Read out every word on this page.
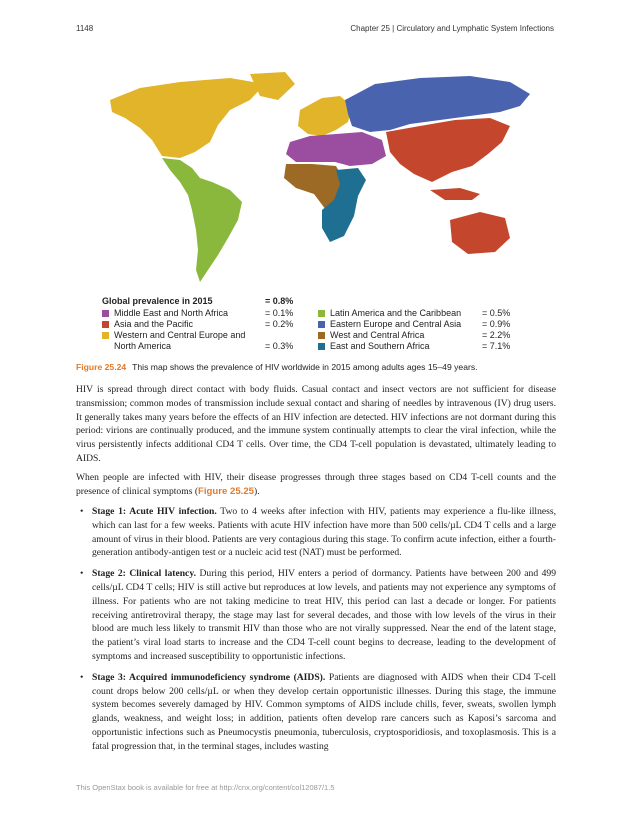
1148	Chapter 25 | Circulatory and Lymphatic System Infections
Global prevalence in 2015	= 0.8%
Middle East and North Africa	= 0.1%
Asia and the Pacific	= 0.2%
Western and Central Europe and
North America	= 0.3%
Latin America and the Caribbean = 0.5%
Eastern Europe and Central Asia = 0.9%
West and Central Africa	= 2.2%
East and Southern Africa	= 7.1%
Figure 25.24 This map shows the prevalence of HIV worldwide in 2015 among adults ages 15–49 years.

HIV is spread through direct contact with body fluids. Casual contact and insect vectors are not sufficient for disease transmission; common modes of transmission include sexual contact and sharing of needles by intravenous (IV) drug users. It generally takes many years before the effects of an HIV infection are detected. HIV infections are not dormant during this period: virions are continually produced, and the immune system continually attempts to clear the viral infection, while the virus persistently infects additional CD4 T cells. Over time, the CD4 T-cell population is devastated, ultimately leading to AIDS.

When people are infected with HIV, their disease progresses through three stages based on CD4 T-cell counts and the presence of clinical symptoms (Figure 25.25).

• Stage 1: Acute HIV infection. Two to 4 weeks after infection with HIV, patients may experience a flu-like illness, which can last for a few weeks. Patients with acute HIV infection have more than 500 cells/µL CD4 T cells and a large amount of virus in their blood. Patients are very contagious during this stage. To confirm acute infection, either a fourth-generation antibody-antigen test or a nucleic acid test (NAT) must be performed.
• Stage 2: Clinical latency. During this period, HIV enters a period of dormancy. Patients have between 200 and 499 cells/µL CD4 T cells; HIV is still active but reproduces at low levels, and patients may not experience any symptoms of illness. For patients who are not taking medicine to treat HIV, this period can last a decade or longer. For patients receiving antiretroviral therapy, the stage may last for several decades, and those with low levels of the virus in their blood are much less likely to transmit HIV than those who are not virally suppressed. Near the end of the latent stage, the patient’s viral load starts to increase and the CD4 T-cell count begins to decrease, leading to the development of symptoms and increased susceptibility to opportunistic infections.
• Stage 3: Acquired immunodeficiency syndrome (AIDS). Patients are diagnosed with AIDS when their CD4 T-cell count drops below 200 cells/µL or when they develop certain opportunistic illnesses. During this stage, the immune system becomes severely damaged by HIV. Common symptoms of AIDS include chills, fever, sweats, swollen lymph glands, weakness, and weight loss; in addition, patients often develop rare cancers such as Kaposi’s sarcoma and opportunistic infections such as Pneumocystis pneumonia, tuberculosis, cryptosporidiosis, and toxoplasmosis. This is a fatal progression that, in the terminal stages, includes wasting
This OpenStax book is available for free at http://cnx.org/content/col12087/1.5
